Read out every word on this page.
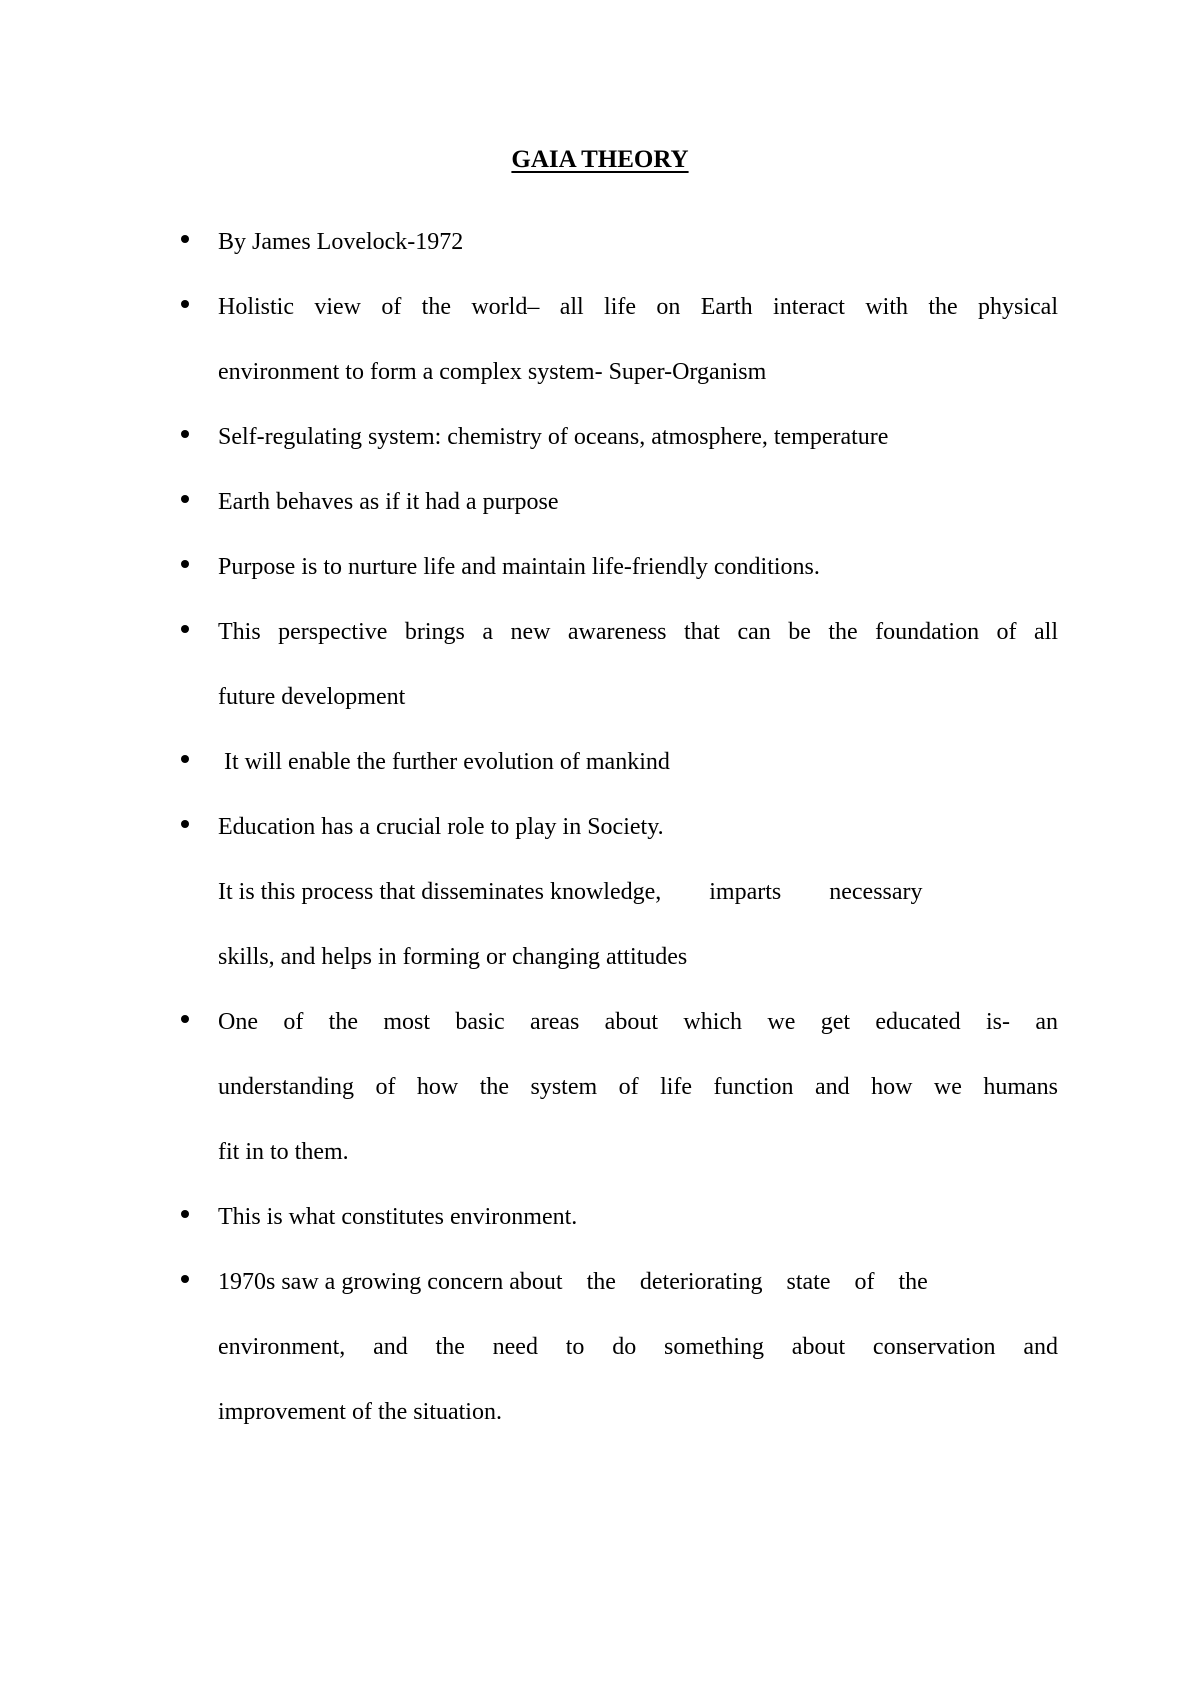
GAIA THEORY
By James Lovelock-1972
Holistic view of the world– all life on Earth interact with the physical
environment to form a complex system- Super-Organism
Self-regulating system: chemistry of oceans, atmosphere, temperature
Earth behaves as if it had a purpose
Purpose is to nurture life and maintain life-friendly conditions.
This perspective brings a new awareness that can be the foundation of all
future development
It will enable the further evolution of mankind
Education has a crucial role to play in Society.
It is this process that disseminates knowledge,        imparts        necessary
skills, and helps in forming or changing attitudes
One of the most basic areas about which we get educated is- an
understanding of how the system of life function and how we humans
fit in to them.
This is what constitutes environment.
1970s saw a growing concern about    the    deteriorating    state    of    the
environment, and the need to do something about conservation and
improvement of the situation.
